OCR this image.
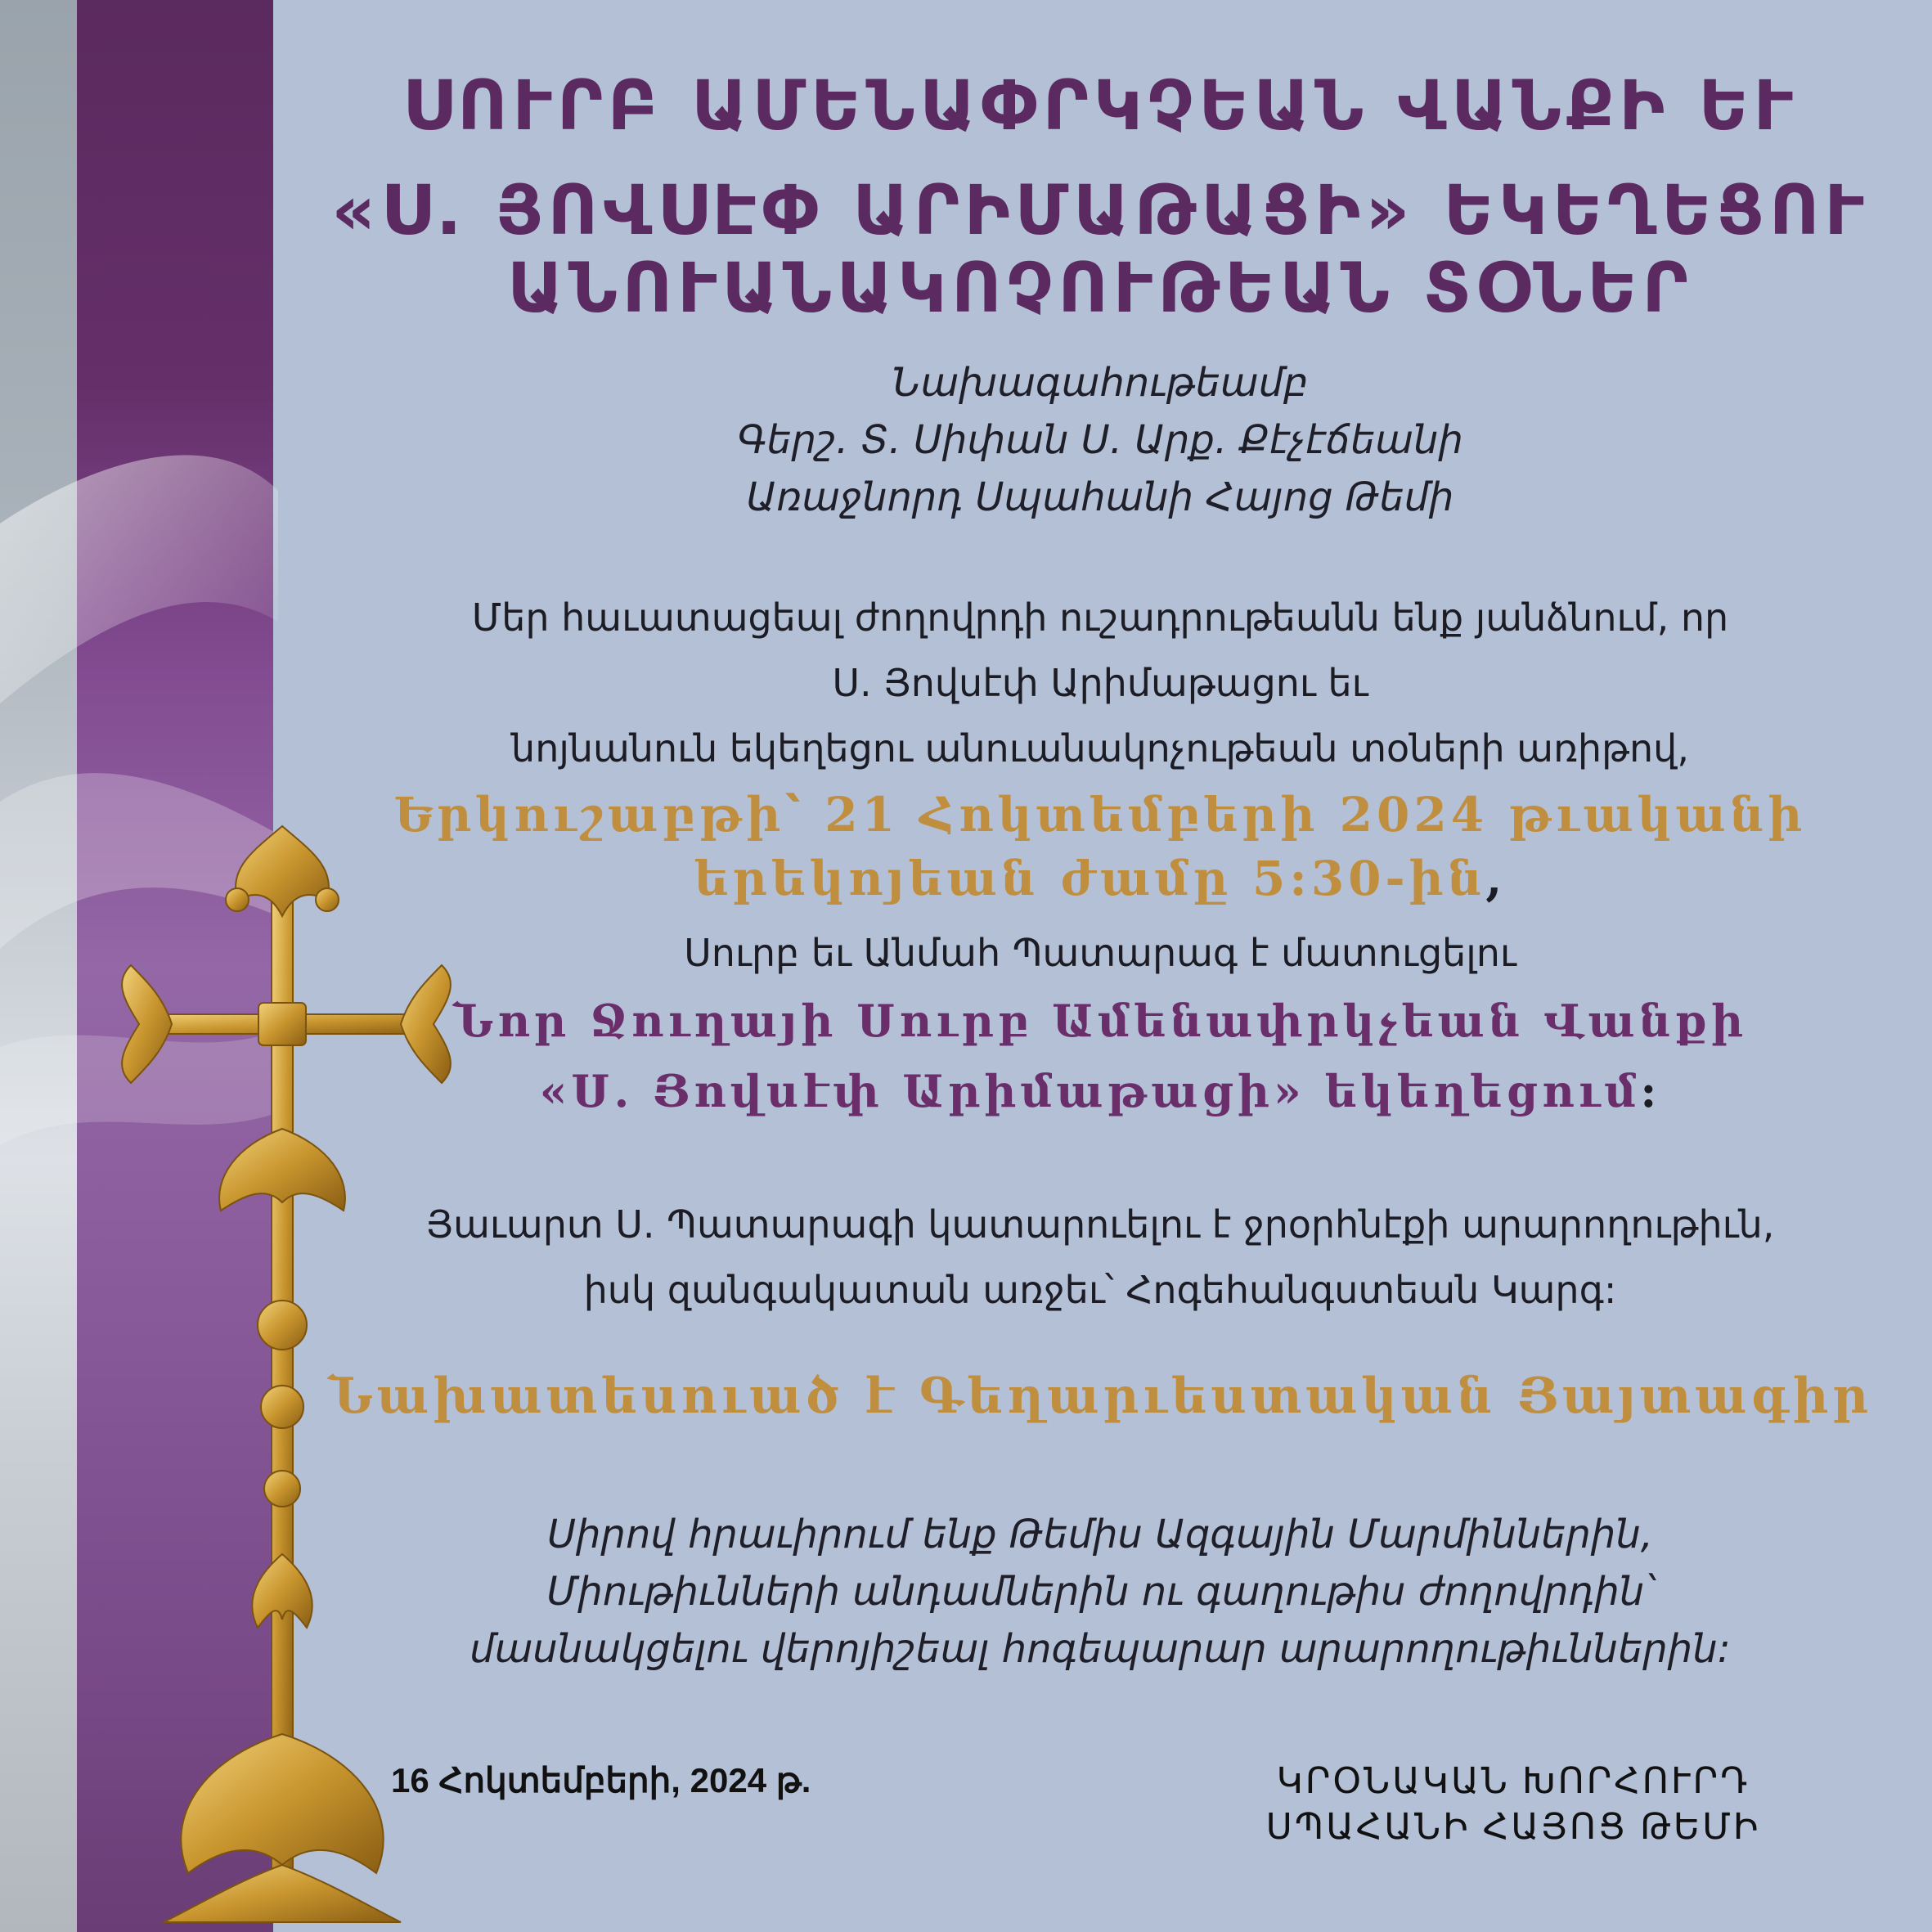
ՍՈՒՐԲ ԱՄԵՆԱՓՐԿՉԵԱՆ ՎԱՆՔԻ ԵՒ
«Ս. ՅՈՎՍԷՓ ԱՐԻՄԱԹԱՑԻ» ԵԿԵՂԵՑՈՒ
ԱՆՈՒԱՆԱԿՈՉՈՒԹԵԱՆ ՏՕՆԵՐ

Նախագահութեամբ

Գերշ. Տ. Սիփան Ս. Արք. Քէչէճեանի

Առաջնորդ Սպահանի Հայոց Թեմի

Մեր հաւատացեալ ժողովրդի ուշադրութեանն ենք յանձնում, որ

Ս. Յովսէփ Արիմաթացու եւ

նոյնանուն եկեղեցու անուանակոչութեան տօների առիթով,

Երկուշաբթի՝ 21 Հոկտեմբերի 2024 թւականի

երեկոյեան ժամը 5:30-ին,

Սուրբ եւ Անմահ Պատարագ է մատուցելու

Նոր Ջուղայի Սուրբ Ամենափրկչեան Վանքի

«Ս. Յովսէփ Արիմաթացի» եկեղեցում:

Յաւարտ Ս. Պատարագի կատարուելու է ջրօրհնէքի արարողութիւն,

իսկ զանգակատան առջեւ՝ Հոգեհանգստեան Կարգ:

Նախատեսուած է Գեղարւեստական Յայտագիր

Սիրով հրաւիրում ենք Թեմիս Ազգային Մարմիններին,

Միութիւնների անդամներին ու գաղութիս ժողովրդին՝

մասնակցելու վերոյիշեալ հոգեպարար արարողութիւններին:

16 Հոկտեմբերի, 2024 թ.	ԿՐՕՆԱԿԱՆ ԽՈՐՀՈՒՐԴ
ՍՊԱՀԱՆԻ ՀԱՅՈՑ ԹԵՄԻ
